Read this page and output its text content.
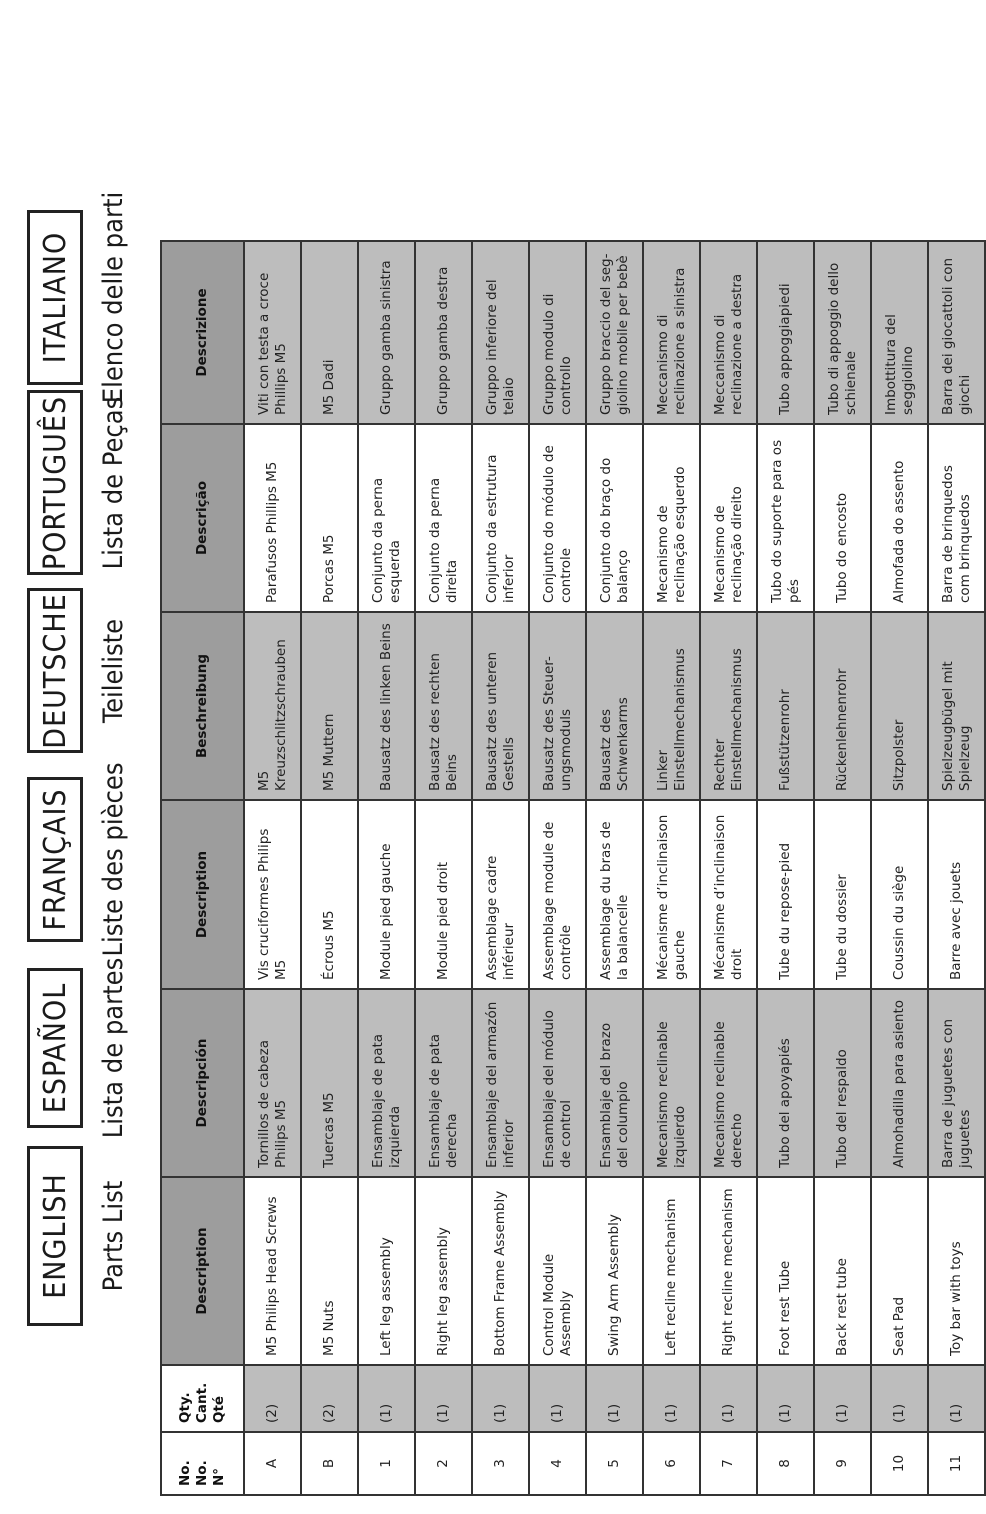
ENGLISH Parts List
ESPAÑOL Lista de partes
FRANÇAIS Liste des pièces
DEUTSCHE Teileliste
PORTUGUÊS Lista de Peças
ITALIANO Elenco delle parti
No. No. N°	Qty. Cant. Qté	Description	Descripción	Description	Beschreibung	Descrição	Descrizione
A	(2)	M5 Philips Head Screws	Tornillos de cabeza Philips M5	Vis cruciformes Philips M5	M5 Kreuzschlitzschrauben	Parafusos Phillips M5	Viti con testa a croce Phillips M5
B	(2)	M5 Nuts	Tuercas M5	Écrous M5	M5 Muttern	Porcas M5	M5 Dadi
1	(1)	Left leg assembly	Ensamblaje de pata izquierda	Module pied gauche	Bausatz des linken Beins	Conjunto da perna esquerda	Gruppo gamba sinistra
2	(1)	Right leg assembly	Ensamblaje de pata derecha	Module pied droit	Bausatz des rechten Beins	Conjunto da perna direita	Gruppo gamba destra
3	(1)	Bottom Frame Assembly	Ensamblaje del armazón inferior	Assemblage cadre inférieur	Bausatz des unteren Gestells	Conjunto da estrutura inferior	Gruppo inferiore del telaio
4	(1)	Control Module Assembly	Ensamblaje del módulo de control	Assemblage module de contrôle	Bausatz des Steuer-ungsmoduls	Conjunto do módulo de controle	Gruppo modulo di controllo
5	(1)	Swing Arm Assembly	Ensamblaje del brazo del columpio	Assemblage du bras de la balancelle	Bausatz des Schwenkarms	Conjunto do braço do balanço	Gruppo braccio del seg-giolino mobile per bebè
6	(1)	Left recline mechanism	Mecanismo reclinable izquierdo	Mécanisme d’inclinaison gauche	Linker Einstellmechanismus	Mecanismo de reclinação esquerdo	Meccanismo di reclinazione a sinistra
7	(1)	Right recline mechanism	Mecanismo reclinable derecho	Mécanisme d’inclinaison droit	Rechter Einstellmechanismus	Mecanismo de reclinação direito	Meccanismo di reclinazione a destra
8	(1)	Foot rest Tube	Tubo del apoyapiés	Tube du repose-pied	Fußstützenrohr	Tubo do suporte para os pés	Tubo appoggiapiedi
9	(1)	Back rest tube	Tubo del respaldo	Tube du dossier	Rückenlehnenrohr	Tubo do encosto	Tubo di appoggio dello schienale
10	(1)	Seat Pad	Almohadilla para asiento	Coussin du siège	Sitzpolster	Almofada do assento	Imbottitura del seggiolino
11	(1)	Toy bar with toys	Barra de juguetes con juguetes	Barre avec jouets	Spielzeugbügel mit Spielzeug	Barra de brinquedos com brinquedos	Barra dei giocattoli con giochi
